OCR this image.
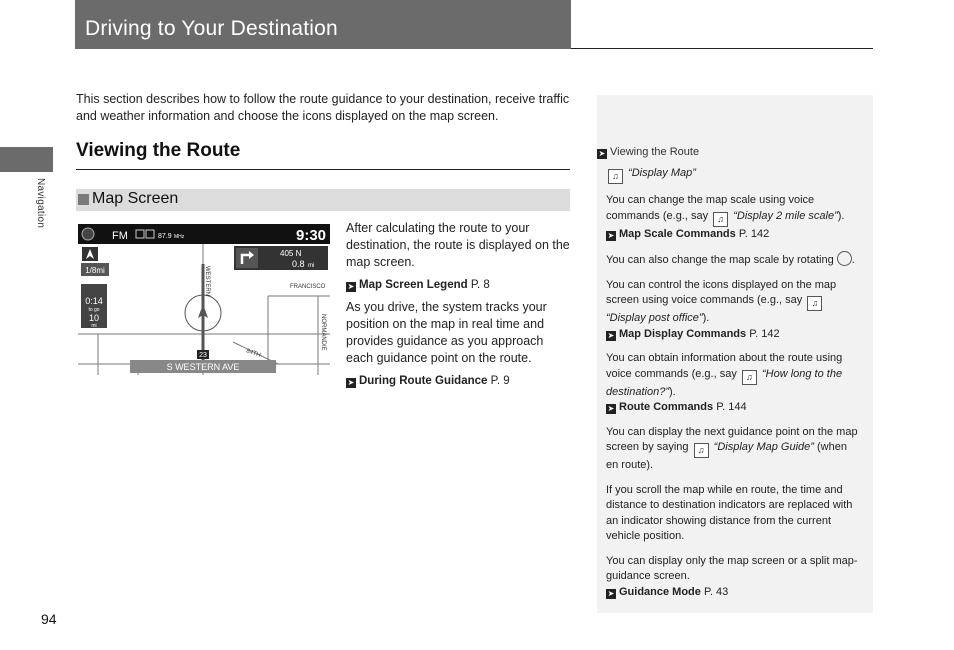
Driving to Your Destination
Navigation

This section describes how to follow the route guidance to your destination, receive traffic and weather information and choose the icons displayed on the map screen.

Viewing the Route
Map Screen
S WESTERN AVE
23
FM	87.9 MHz	9:30
405 N
0.8 mi
1/8mi
0:14
to go
10
mi
FRANCISCO
WESTERN
NORMANDIE
84TH

After calculating the route to your destination, the route is displayed on the map screen.

➤ Map Screen Legend P. 8

As you drive, the system tracks your position on the map in real time and provides guidance as you approach each guidance point on the route.

➤ During Route Guidance P. 9
➤ Viewing the Route

♫ “Display Map”

You can change the map scale using voice commands (e.g., say ♫ “Display 2 mile scale”).
➤ Map Scale Commands P. 142

You can also change the map scale by rotating .

You can control the icons displayed on the map screen using voice commands (e.g., say ♫ “Display post office”).
➤ Map Display Commands P. 142

You can obtain information about the route using voice commands (e.g., say ♫ “How long to the destination?”).
➤ Route Commands P. 144

You can display the next guidance point on the map screen by saying ♫ “Display Map Guide” (when en route).

If you scroll the map while en route, the time and distance to destination indicators are replaced with an indicator showing distance from the current vehicle position.

You can display only the map screen or a split map-guidance screen.
➤ Guidance Mode P. 43

94
